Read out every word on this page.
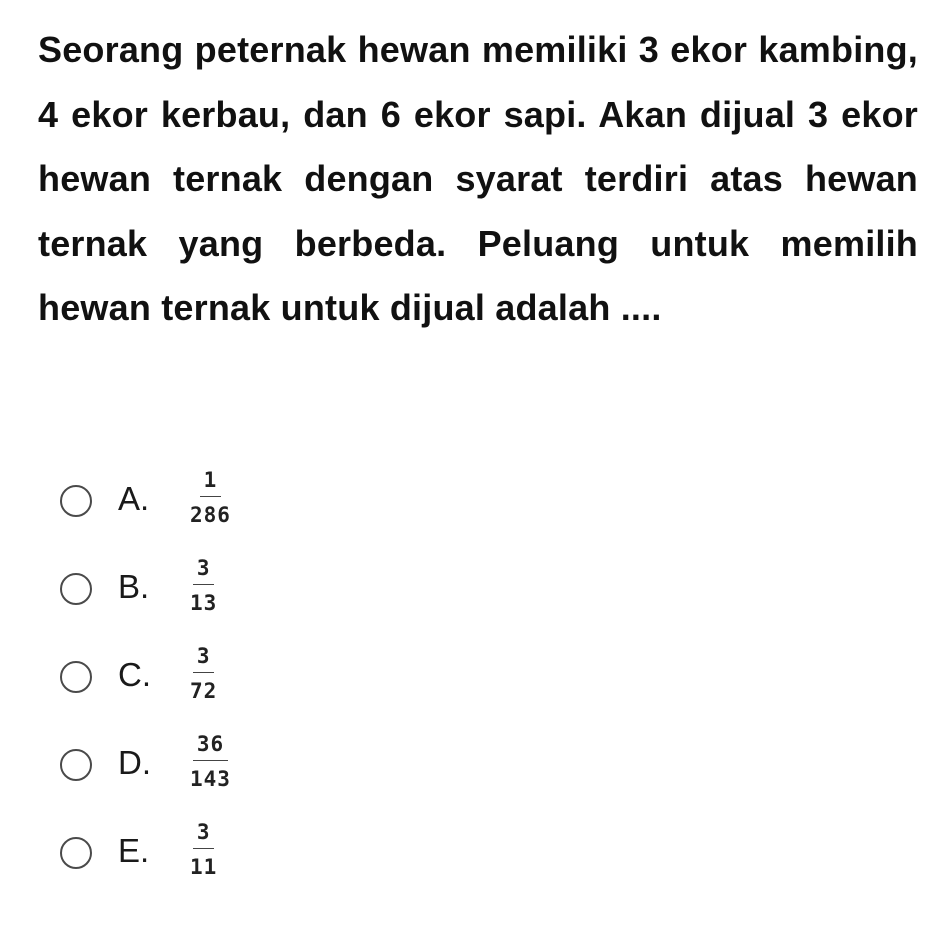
Seorang peternak hewan memiliki 3 ekor kambing, 4 ekor kerbau, dan 6 ekor sapi. Akan dijual 3 ekor hewan ternak dengan syarat terdiri atas hewan ternak yang berbeda. Peluang untuk memilih hewan ternak untuk dijual adalah ....
A. $\frac{1}{286}$
B. $\frac{3}{13}$
C. $\frac{3}{72}$
D. $\frac{36}{143}$
E. $\frac{3}{11}$
